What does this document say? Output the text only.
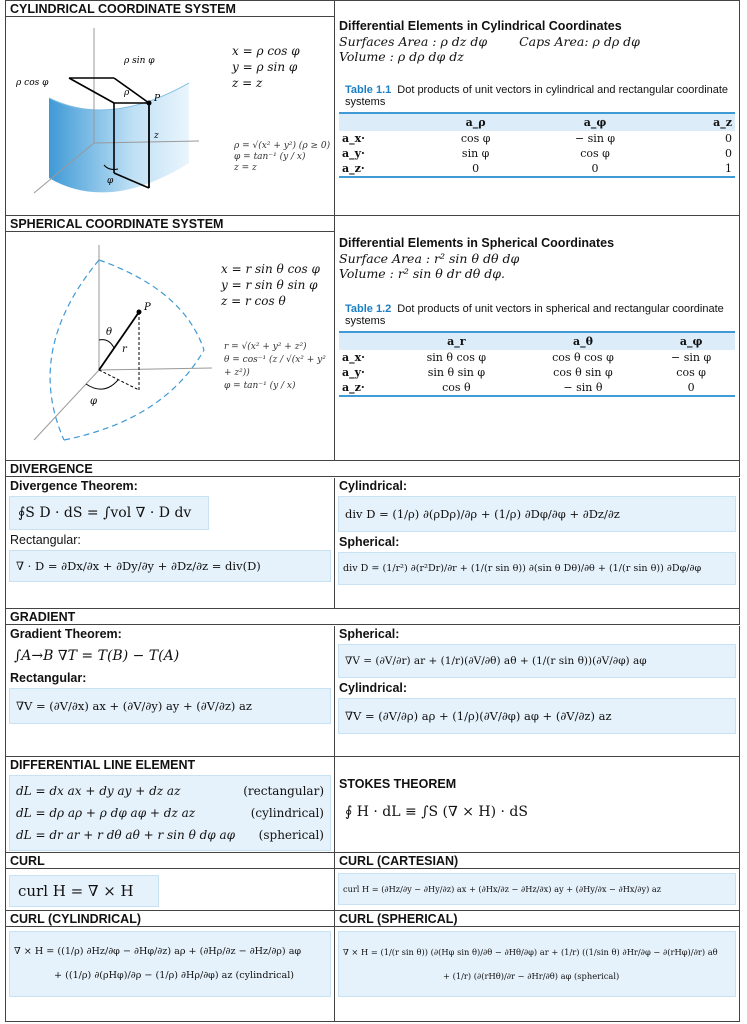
CYLINDRICAL COORDINATE SYSTEM
ρ sin φ
ρ cos φ
ρ
P
z
φ
x = ρ cos φ
y = ρ sin φ
z = z
ρ = √(x² + y²) (ρ ≥ 0)
φ = tan⁻¹ (y / x)
z = z
Differential Elements in Cylindrical Coordinates
Surfaces Area : ρ dz dφ	Caps Area: ρ dρ dφ
Volume : ρ dρ dφ dz
Table 1.1 Dot products of unit vectors in cylindrical and rectangular coordinate systems
	a_ρ	a_φ	a_z
a_x·	cos φ	− sin φ	0
a_y·	sin φ	cos φ	0
a_z·	0	0	1
SPHERICAL COORDINATE SYSTEM
θ
P
r
φ
x = r sin θ cos φ
y = r sin θ sin φ
z = r cos θ
r = √(x² + y² + z²)
θ = cos⁻¹ (z / √(x² + y² + z²))
φ = tan⁻¹ (y / x)
Differential Elements in Spherical Coordinates
Surface Area : r² sin θ dθ dφ
Volume : r² sin θ dr dθ dφ.
Table 1.2 Dot products of unit vectors in spherical and rectangular coordinate systems
	a_r	a_θ	a_φ
a_x·	sin θ cos φ	cos θ cos φ	− sin φ
a_y·	sin θ sin φ	cos θ sin φ	cos φ
a_z·	cos θ	− sin θ	0
DIVERGENCE
Divergence Theorem:
∮S D · dS = ∫vol ∇ · D dv
Rectangular:
∇ · D = ∂Dx/∂x + ∂Dy/∂y + ∂Dz/∂z = div(D)
Cylindrical:
div D = (1/ρ) ∂(ρDρ)/∂ρ + (1/ρ) ∂Dφ/∂φ + ∂Dz/∂z
Spherical:
div D = (1/r²) ∂(r²Dr)/∂r + (1/(r sin θ)) ∂(sin θ Dθ)/∂θ + (1/(r sin θ)) ∂Dφ/∂φ
GRADIENT
Gradient Theorem:
∫A→B ∇T = T(B) − T(A)
Rectangular:
∇V = (∂V/∂x) ax + (∂V/∂y) ay + (∂V/∂z) az
Spherical:
∇V = (∂V/∂r) ar + (1/r)(∂V/∂θ) aθ + (1/(r sin θ))(∂V/∂φ) aφ
Cylindrical:
∇V = (∂V/∂ρ) aρ + (1/ρ)(∂V/∂φ) aφ + (∂V/∂z) az
DIFFERENTIAL LINE ELEMENT
dL = dx ax + dy ay + dz az	(rectangular)
dL = dρ aρ + ρ dφ aφ + dz az	(cylindrical)
dL = dr ar + r dθ aθ + r sin θ dφ aφ (spherical)
STOKES THEOREM
∮ H · dL ≡ ∫S (∇ × H) · dS
CURL
curl H = ∇ × H
CURL (CARTESIAN)
curl H = (∂Hz/∂y − ∂Hy/∂z) ax + (∂Hx/∂z − ∂Hz/∂x) ay + (∂Hy/∂x − ∂Hx/∂y) az
CURL (CYLINDRICAL)
∇ × H = ((1/ρ) ∂Hz/∂φ − ∂Hφ/∂z) aρ + (∂Hρ/∂z − ∂Hz/∂ρ) aφ
+ ((1/ρ) ∂(ρHφ)/∂ρ − (1/ρ) ∂Hρ/∂φ) az (cylindrical)
CURL (SPHERICAL)
∇ × H = (1/(r sin θ)) (∂(Hφ sin θ)/∂θ − ∂Hθ/∂φ) ar + (1/r) ((1/sin θ) ∂Hr/∂φ − ∂(rHφ)/∂r) aθ
+ (1/r) (∂(rHθ)/∂r − ∂Hr/∂θ) aφ (spherical)
